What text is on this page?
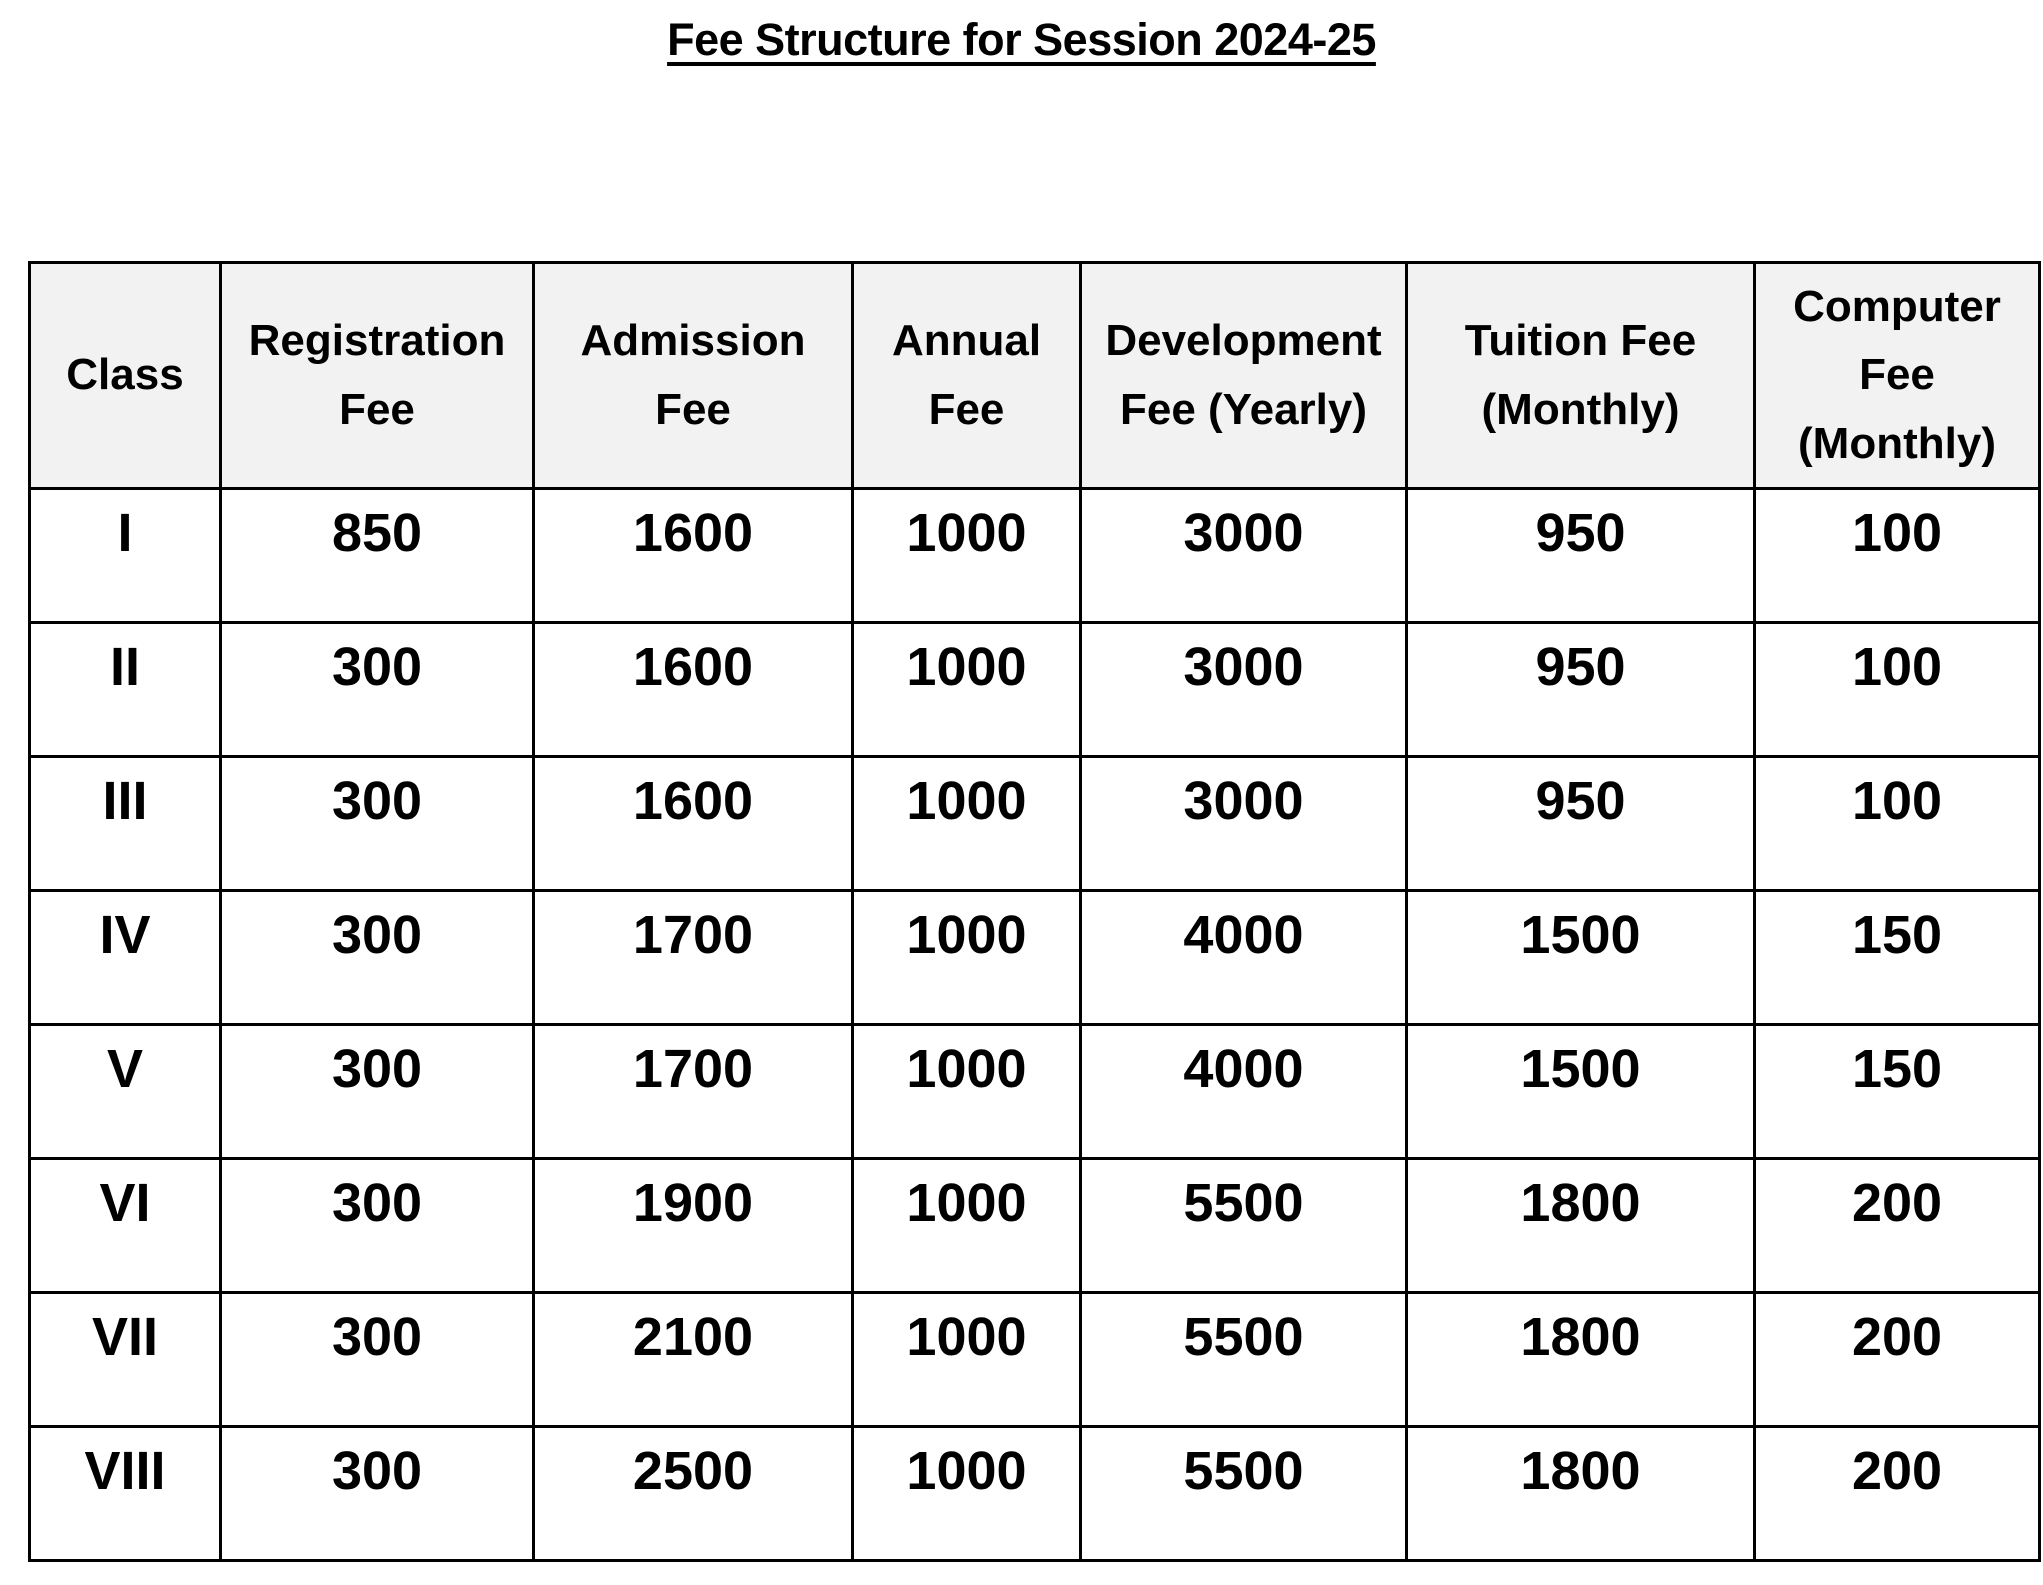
Fee Structure for Session 2024-25
Class	Registration Fee	Admission Fee	Annual Fee	Development Fee (Yearly)	Tuition Fee (Monthly)	Computer Fee (Monthly)
I	850	1600	1000	3000	950	100
II	300	1600	1000	3000	950	100
III	300	1600	1000	3000	950	100
IV	300	1700	1000	4000	1500	150
V	300	1700	1000	4000	1500	150
VI	300	1900	1000	5500	1800	200
VII	300	2100	1000	5500	1800	200
VIII	300	2500	1000	5500	1800	200
